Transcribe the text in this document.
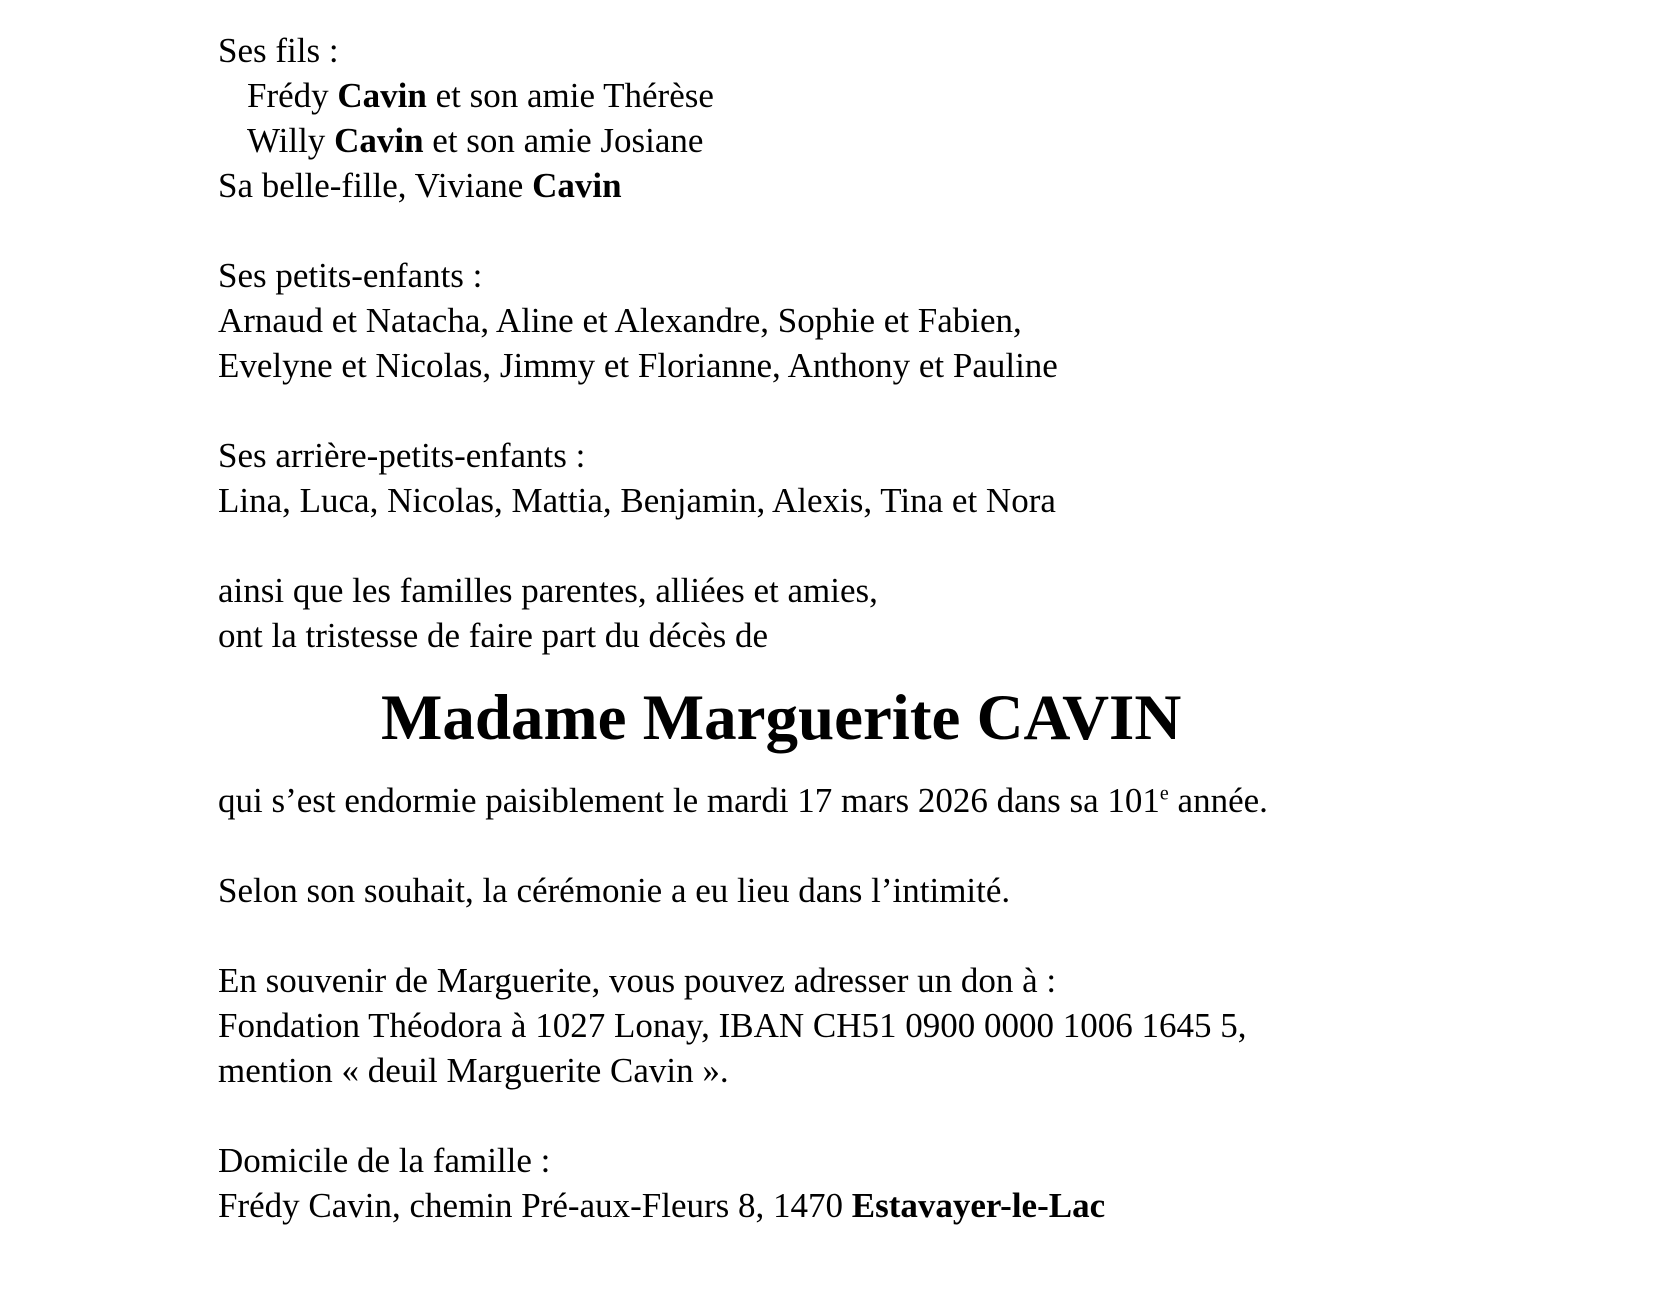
Ses fils :
Frédy Cavin et son amie Thérèse
Willy Cavin et son amie Josiane
Sa belle-fille, Viviane Cavin
Ses petits-enfants :
Arnaud et Natacha, Aline et Alexandre, Sophie et Fabien,
Evelyne et Nicolas, Jimmy et Florianne, Anthony et Pauline
Ses arrière-petits-enfants :
Lina, Luca, Nicolas, Mattia, Benjamin, Alexis, Tina et Nora
ainsi que les familles parentes, alliées et amies,
ont la tristesse de faire part du décès de
Madame Marguerite CAVIN
qui s’est endormie paisiblement le mardi 17 mars 2026 dans sa 101e année.
Selon son souhait, la cérémonie a eu lieu dans l’intimité.
En souvenir de Marguerite, vous pouvez adresser un don à :
Fondation Théodora à 1027 Lonay, IBAN CH51 0900 0000 1006 1645 5,
mention « deuil Marguerite Cavin ».
Domicile de la famille :
Frédy Cavin, chemin Pré-aux-Fleurs 8, 1470 Estavayer-le-Lac
